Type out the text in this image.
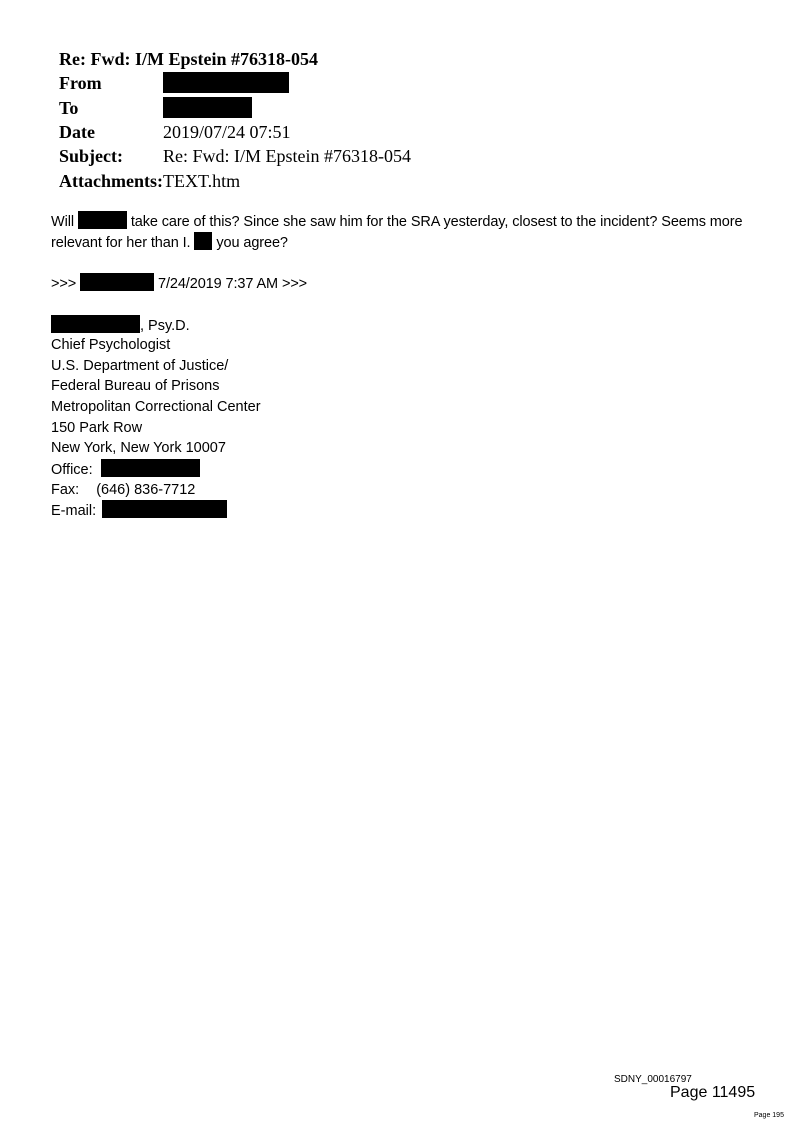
Re: Fwd: I/M Epstein #76318-054
From
To
Date	2019/07/24 07:51
Subject: Re: Fwd: I/M Epstein #76318-054
Attachments: TEXT.htm
Will	take care of this? Since she saw him for the SRA yesterday, closest to the incident? Seems more
relevant for her than I. you agree?
>>>	7/24/2019 7:37 AM >>>
, Psy.D.
Chief Psychologist
U.S. Department of Justice/
Federal Bureau of Prisons
Metropolitan Correctional Center
150 Park Row
New York, New York 10007
Office:
Fax: (646) 836-7712
E-mail:
SDNY_00016797
Page 11495
Page 195
